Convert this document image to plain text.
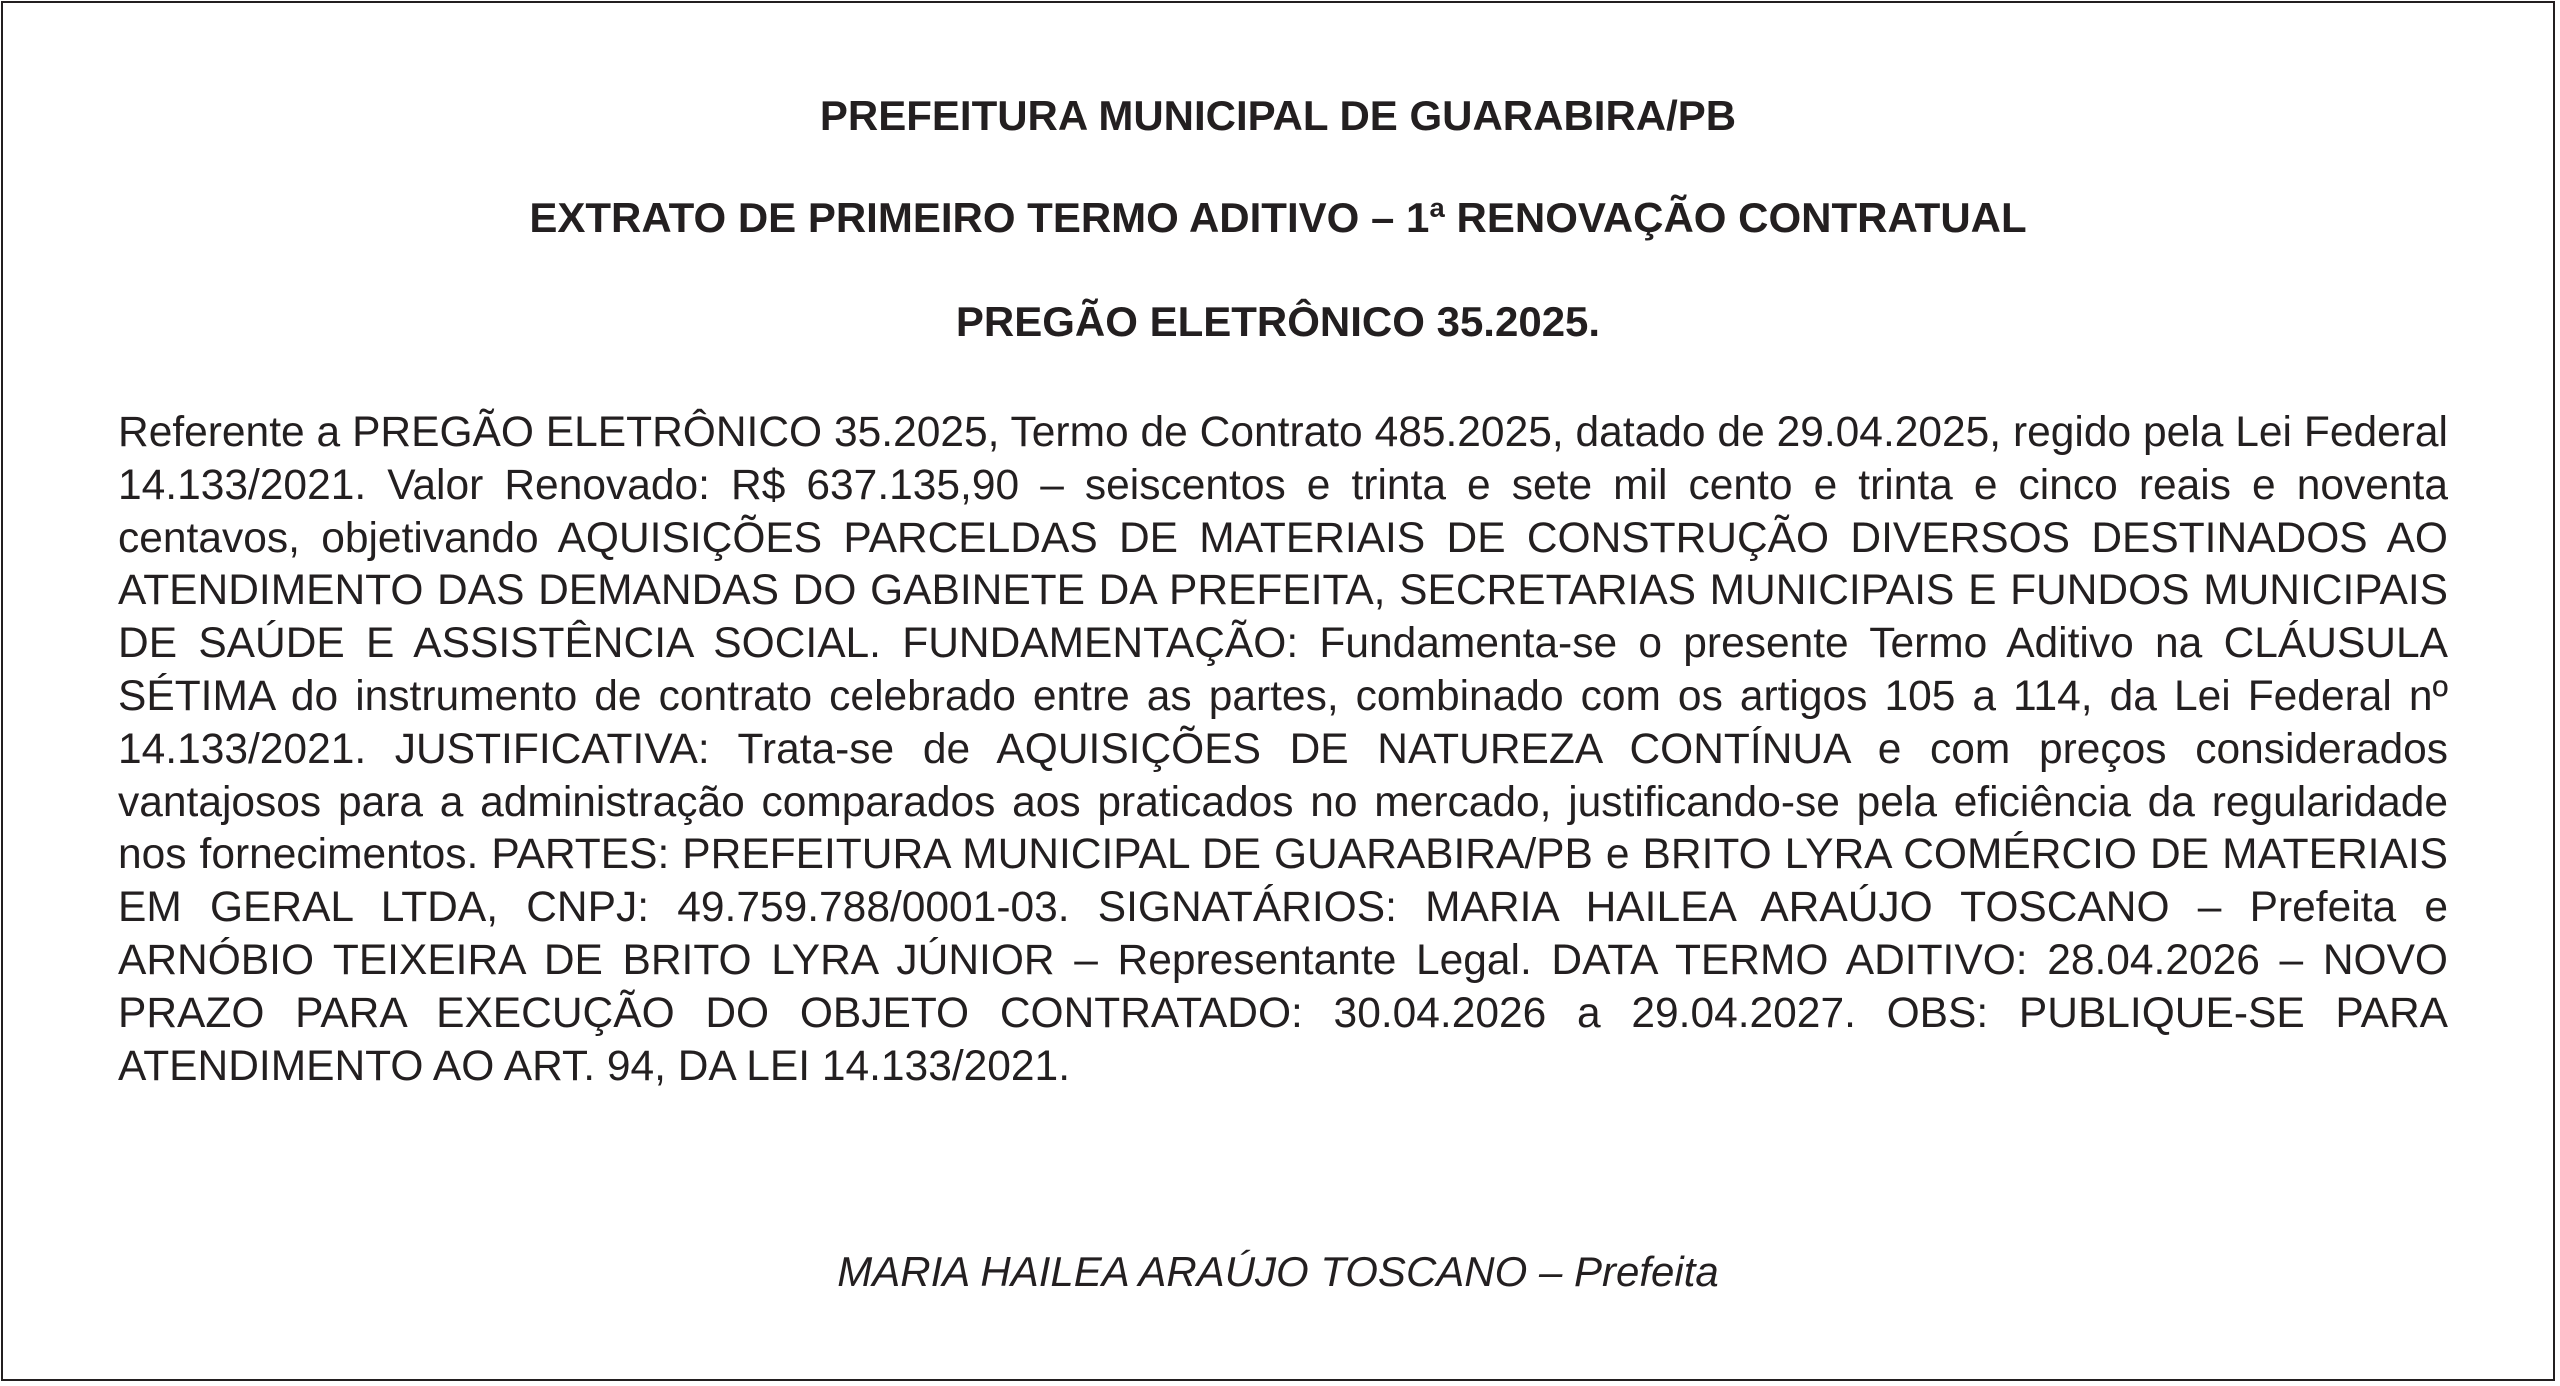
PREFEITURA MUNICIPAL DE GUARABIRA/PB

EXTRATO DE PRIMEIRO TERMO ADITIVO – 1ª RENOVAÇÃO CONTRATUAL

PREGÃO ELETRÔNICO 35.2025.

Referente a PREGÃO ELETRÔNICO 35.2025, Termo de Contrato 485.2025, datado de 29.04.2025, regido pela Lei Federal 14.133/2021. Valor Renovado: R$ 637.135,90 – seiscentos e trinta e sete mil cento e trinta e cinco reais e noventa centavos, objetivando AQUISIÇÕES PARCELDAS DE MATERIAIS DE CONSTRUÇÃO DIVERSOS DESTINADOS AO ATENDIMENTO DAS DEMANDAS DO GABINETE DA PREFEITA, SECRETARIAS MUNICIPAIS E FUNDOS MUNICIPAIS DE SAÚDE E ASSISTÊNCIA SOCIAL. FUNDAMENTAÇÃO: Fundamenta-se o presente Termo Aditivo na CLÁUSULA SÉTIMA do instrumento de contrato celebrado entre as partes, combinado com os artigos 105 a 114, da Lei Federal nº 14.133/2021. JUSTIFICATIVA: Trata-se de AQUISIÇÕES DE NATUREZA CONTÍNUA e com preços considerados vantajosos para a administração comparados aos praticados no mercado, justificando-se pela eficiência da regularidade nos fornecimentos. PARTES: PREFEITURA MUNICIPAL DE GUARABIRA/PB e BRITO LYRA COMÉRCIO DE MATERIAIS EM GERAL LTDA, CNPJ: 49.759.788/0001-03. SIGNATÁRIOS: MARIA HAILEA ARAÚJO TOSCANO – Prefeita e ARNÓBIO TEIXEIRA DE BRITO LYRA JÚNIOR – Representante Legal. DATA TERMO ADITIVO: 28.04.2026 – NOVO PRAZO PARA EXECUÇÃO DO OBJETO CONTRATADO: 30.04.2026 a 29.04.2027. OBS: PUBLIQUE-SE PARA ATENDIMENTO AO ART. 94, DA LEI 14.133/2021.

MARIA HAILEA ARAÚJO TOSCANO – Prefeita
